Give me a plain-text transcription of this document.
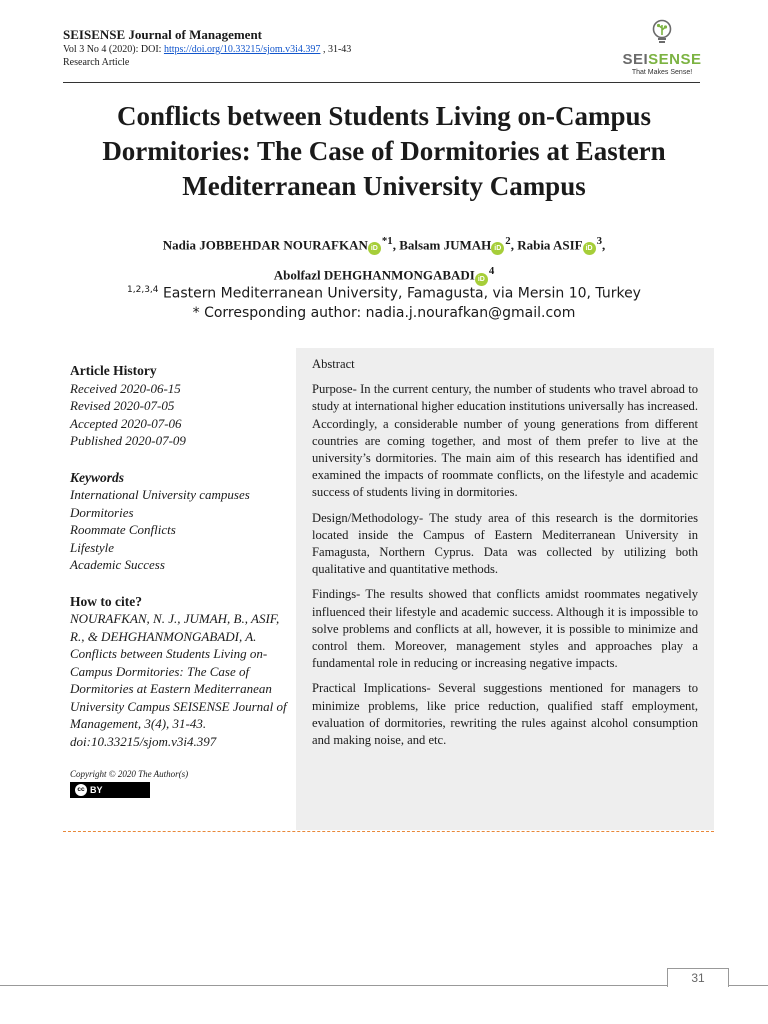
SEISENSE Journal of Management
Vol 3 No 4 (2020): DOI: https://doi.org/10.33215/sjom.v3i4.397 , 31-43
Research Article	SEISENSE
That Makes Sense!
Conflicts between Students Living on-Campus Dormitories: The Case of Dormitories at Eastern Mediterranean University Campus
Nadia JOBBEHDAR NOURAFKAN $iD^{*1}$, Balsam JUMAH $iD^2$, Rabia ASIF $iD^3$,
Abolfazl DEHGHANMONGABADI $iD^4$
$^{1,2,3,4}$ Eastern Mediterranean University, Famagusta, via Mersin 10, Turkey
* Corresponding author: nadia.j.nourafkan@gmail.com
Article History
Received 2020-06-15
Revised 2020-07-05
Accepted 2020-07-06
Published 2020-07-09
Keywords
International University campuses
Dormitories
Roommate Conflicts
Lifestyle
Academic Success
How to cite?
NOURAFKAN, N. J., JUMAH, B., ASIF, R., & DEHGHANMONGABADI, A. Conflicts between Students Living on-Campus Dormitories: The Case of Dormitories at Eastern Mediterranean University Campus SEISENSE Journal of Management, 3(4), 31-43. doi:10.33215/sjom.v3i4.397
Copyright © 2020 The Author(s)
cc BY

Abstract

Purpose- In the current century, the number of students who travel abroad to study at international higher education institutions universally has increased. Accordingly, a considerable number of young generations from different countries are coming together, and most of them prefer to live at the university’s dormitories. The main aim of this research has identified and examined the impacts of roommate conflicts, on the lifestyle and academic success of students living in dormitories.

Design/Methodology- The study area of this research is the dormitories located inside the Campus of Eastern Mediterranean University in Famagusta, Northern Cyprus. Data was collected by utilizing both qualitative and quantitative methods.

Findings- The results showed that conflicts amidst roommates negatively influenced their lifestyle and academic success. Although it is impossible to solve problems and conflicts at all, however, it is possible to minimize and control them. Moreover, management styles and approaches play a fundamental role in reducing or increasing negative impacts.

Practical Implications- Several suggestions mentioned for managers to minimize problems, like price reduction, qualified staff employment, evaluation of dormitories, rewriting the rules against alcohol consumption and making noise, and etc.

31
